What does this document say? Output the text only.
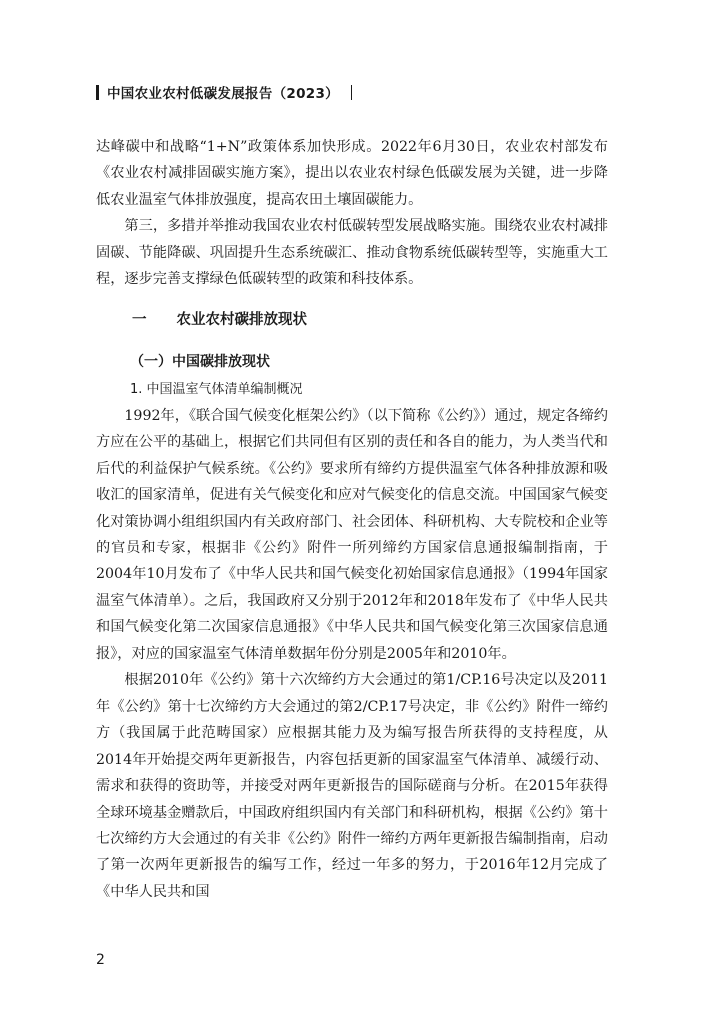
中国农业农村低碳发展报告（2023）

达峰碳中和战略“1+N”政策体系加快形成。2022年6月30日，农业农村部发布《农业农村减排固碳实施方案》，提出以农业农村绿色低碳发展为关键，进一步降低农业温室气体排放强度，提高农田土壤固碳能力。

第三，多措并举推动我国农业农村低碳转型发展战略实施。围绕农业农村减排固碳、节能降碳、巩固提升生态系统碳汇、推动食物系统低碳转型等，实施重大工程，逐步完善支撑绿色低碳转型的政策和科技体系。

一 农业农村碳排放现状
（一）中国碳排放现状
1. 中国温室气体清单编制概况

1992年，《联合国气候变化框架公约》（以下简称《公约》）通过，规定各缔约方应在公平的基础上，根据它们共同但有区别的责任和各自的能力，为人类当代和后代的利益保护气候系统。《公约》要求所有缔约方提供温室气体各种排放源和吸收汇的国家清单，促进有关气候变化和应对气候变化的信息交流。中国国家气候变化对策协调小组组织国内有关政府部门、社会团体、科研机构、大专院校和企业等的官员和专家，根据非《公约》附件一所列缔约方国家信息通报编制指南，于2004年10月发布了《中华人民共和国气候变化初始国家信息通报》（1994年国家温室气体清单）。之后，我国政府又分别于2012年和2018年发布了《中华人民共和国气候变化第二次国家信息通报》《中华人民共和国气候变化第三次国家信息通报》，对应的国家温室气体清单数据年份分别是2005年和2010年。

根据2010年《公约》第十六次缔约方大会通过的第1/CP.16号决定以及2011年《公约》第十七次缔约方大会通过的第2/CP.17号决定，非《公约》附件一缔约方（我国属于此范畴国家）应根据其能力及为编写报告所获得的支持程度，从2014年开始提交两年更新报告，内容包括更新的国家温室气体清单、减缓行动、需求和获得的资助等，并接受对两年更新报告的国际磋商与分析。在2015年获得全球环境基金赠款后，中国政府组织国内有关部门和科研机构，根据《公约》第十七次缔约方大会通过的有关非《公约》附件一缔约方两年更新报告编制指南，启动了第一次两年更新报告的编写工作，经过一年多的努力，于2016年12月完成了《中华人民共和国

2
